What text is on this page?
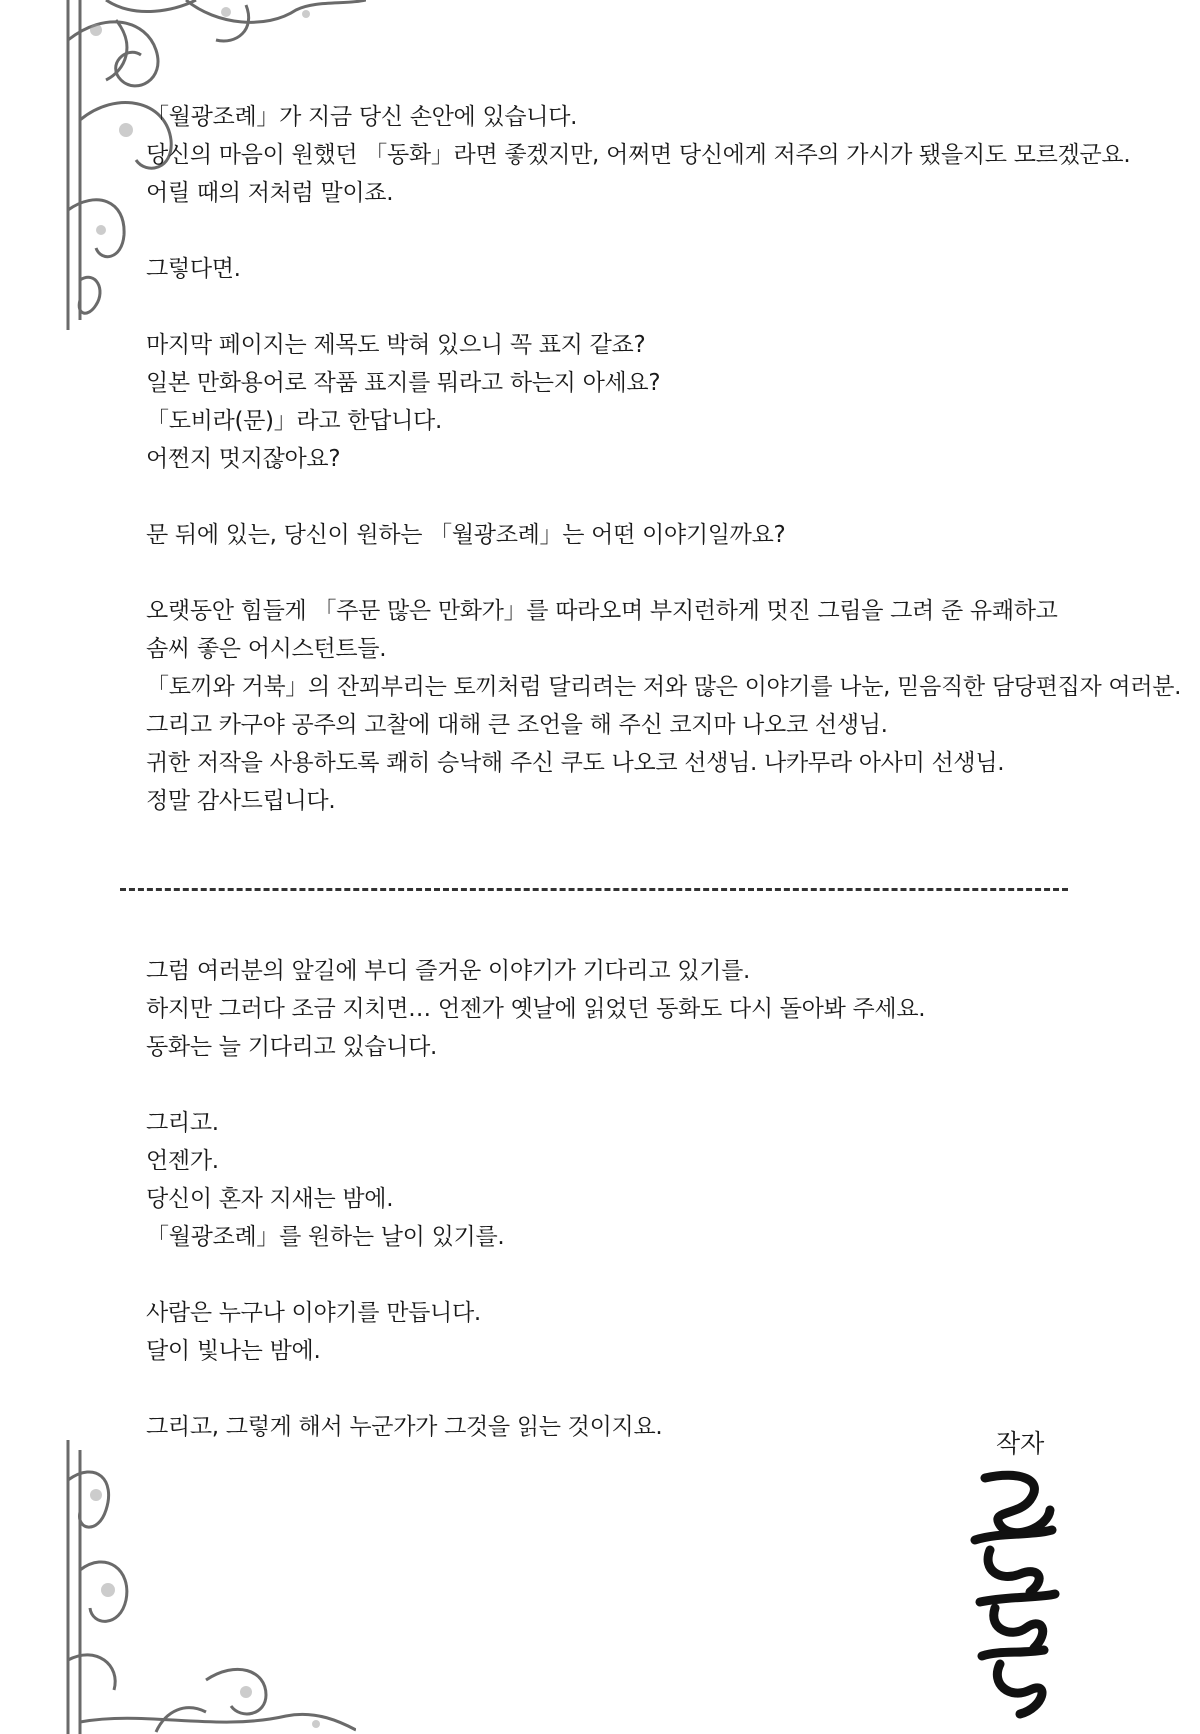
「월광조례」가 지금 당신 손안에 있습니다.
당신의 마음이 원했던 「동화」라면 좋겠지만, 어쩌면 당신에게 저주의 가시가 됐을지도 모르겠군요.
어릴 때의 저처럼 말이죠.
그렇다면.
마지막 페이지는 제목도 박혀 있으니 꼭 표지 같죠?
일본 만화용어로 작품 표지를 뭐라고 하는지 아세요?
「도비라(문)」라고 한답니다.
어쩐지 멋지잖아요?
문 뒤에 있는, 당신이 원하는 「월광조례」는 어떤 이야기일까요?
오랫동안 힘들게 「주문 많은 만화가」를 따라오며 부지런하게 멋진 그림을 그려 준 유쾌하고
솜씨 좋은 어시스턴트들.
「토끼와 거북」의 잔꾀부리는 토끼처럼 달리려는 저와 많은 이야기를 나눈, 믿음직한 담당편집자 여러분.
그리고 카구야 공주의 고찰에 대해 큰 조언을 해 주신 코지마 나오코 선생님.
귀한 저작을 사용하도록 쾌히 승낙해 주신 쿠도 나오코 선생님. 나카무라 아사미 선생님.
정말 감사드립니다.
그럼 여러분의 앞길에 부디 즐거운 이야기가 기다리고 있기를.
하지만 그러다 조금 지치면… 언젠가 옛날에 읽었던 동화도 다시 돌아봐 주세요.
동화는 늘 기다리고 있습니다.
그리고.
언젠가.
당신이 혼자 지새는 밤에.
「월광조례」를 원하는 날이 있기를.
사람은 누구나 이야기를 만듭니다.
달이 빛나는 밤에.
그리고, 그렇게 해서 누군가가 그것을 읽는 것이지요.
작자
